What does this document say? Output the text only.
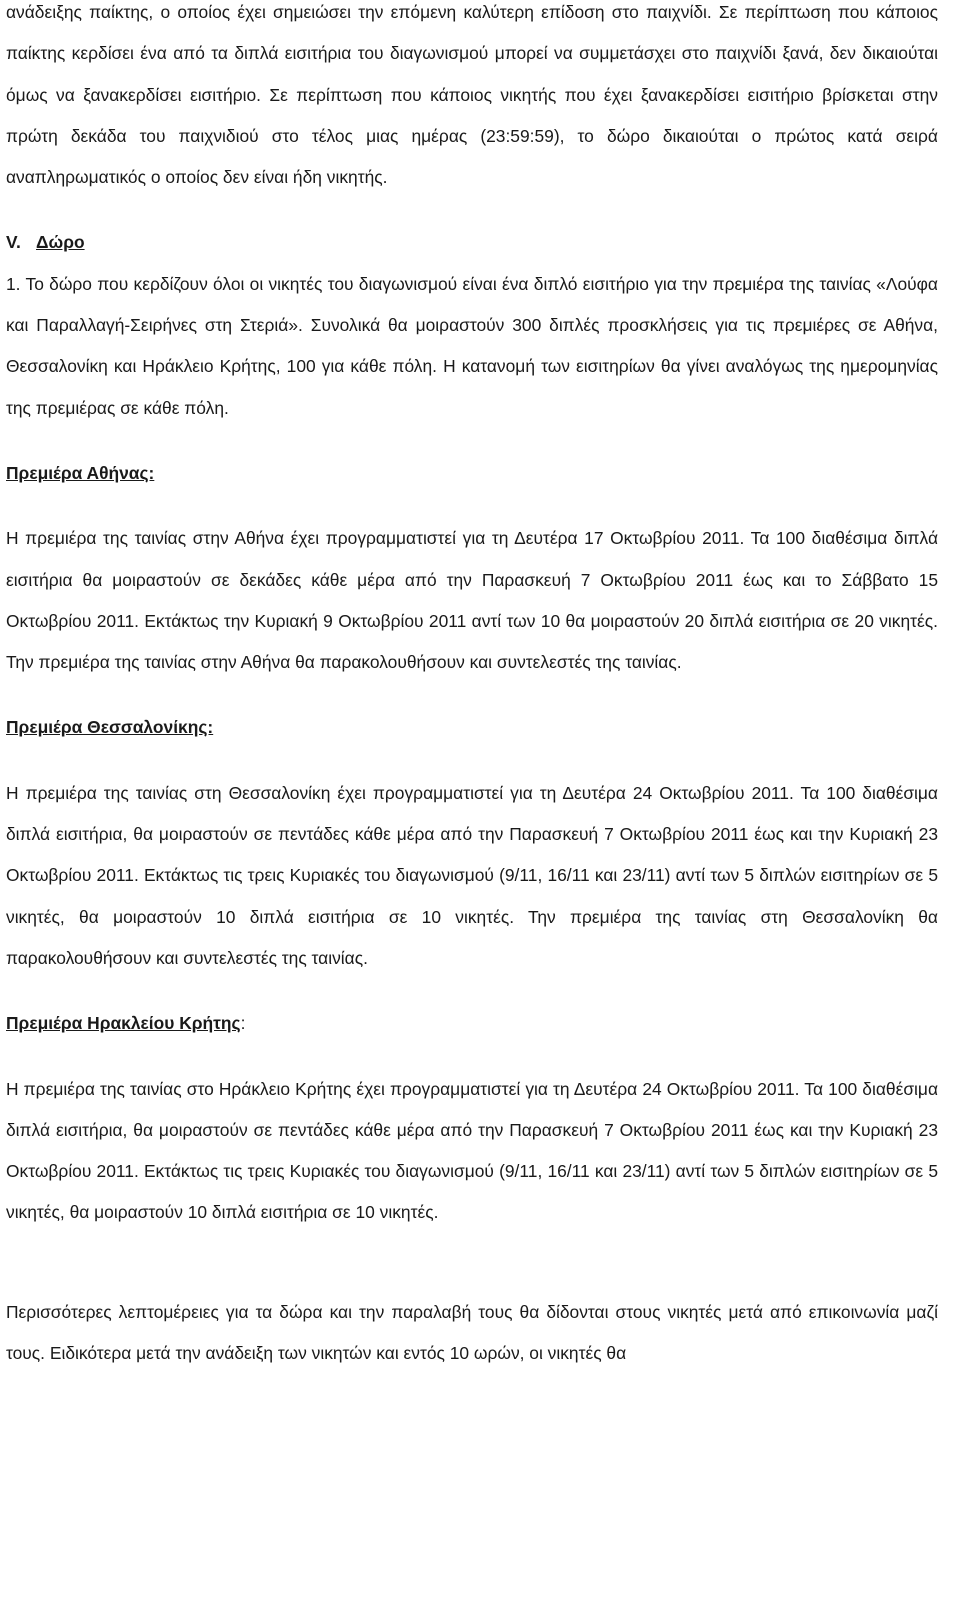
ανάδειξης παίκτης, ο οποίος έχει σημειώσει την επόμενη καλύτερη επίδοση στο παιχνίδι. Σε περίπτωση που κάποιος παίκτης κερδίσει ένα από τα διπλά εισιτήρια του διαγωνισμού μπορεί να συμμετάσχει στο παιχνίδι ξανά, δεν δικαιούται όμως να ξανακερδίσει εισιτήριο. Σε περίπτωση που κάποιος νικητής που έχει ξανακερδίσει εισιτήριο βρίσκεται στην πρώτη δεκάδα του παιχνιδιού στο τέλος μιας ημέρας (23:59:59), το δώρο δικαιούται ο πρώτος κατά σειρά αναπληρωματικός ο οποίος δεν είναι ήδη νικητής.

V. Δώρο

1. Το δώρο που κερδίζουν όλοι οι νικητές του διαγωνισμού είναι ένα διπλό εισιτήριο για την πρεμιέρα της ταινίας «Λούφα και Παραλλαγή-Σειρήνες στη Στεριά». Συνολικά θα μοιραστούν 300 διπλές προσκλήσεις για τις πρεμιέρες σε Αθήνα, Θεσσαλονίκη και Ηράκλειο Κρήτης, 100 για κάθε πόλη. Η κατανομή των εισιτηρίων θα γίνει αναλόγως της ημερομηνίας της πρεμιέρας σε κάθε πόλη.

Πρεμιέρα Αθήνας:

Η πρεμιέρα της ταινίας στην Αθήνα έχει προγραμματιστεί για τη Δευτέρα 17 Οκτωβρίου 2011. Τα 100 διαθέσιμα διπλά εισιτήρια θα μοιραστούν σε δεκάδες κάθε μέρα από την Παρασκευή 7 Οκτωβρίου 2011 έως και το Σάββατο 15 Οκτωβρίου 2011. Εκτάκτως την Κυριακή 9 Οκτωβρίου 2011 αντί των 10 θα μοιραστούν 20 διπλά εισιτήρια σε 20 νικητές. Την πρεμιέρα της ταινίας στην Αθήνα θα παρακολουθήσουν και συντελεστές της ταινίας.

Πρεμιέρα Θεσσαλονίκης:

Η πρεμιέρα της ταινίας στη Θεσσαλονίκη έχει προγραμματιστεί για τη Δευτέρα 24 Οκτωβρίου 2011. Τα 100 διαθέσιμα διπλά εισιτήρια, θα μοιραστούν σε πεντάδες κάθε μέρα από την Παρασκευή 7 Οκτωβρίου 2011 έως και την Κυριακή 23 Οκτωβρίου 2011. Εκτάκτως τις τρεις Κυριακές του διαγωνισμού (9/11, 16/11 και 23/11) αντί των 5 διπλών εισιτηρίων σε 5 νικητές, θα μοιραστούν 10 διπλά εισιτήρια σε 10 νικητές. Την πρεμιέρα της ταινίας στη Θεσσαλονίκη θα παρακολουθήσουν και συντελεστές της ταινίας.

Πρεμιέρα Ηρακλείου Κρήτης:

Η πρεμιέρα της ταινίας στο Ηράκλειο Κρήτης έχει προγραμματιστεί για τη Δευτέρα 24 Οκτωβρίου 2011. Τα 100 διαθέσιμα διπλά εισιτήρια, θα μοιραστούν σε πεντάδες κάθε μέρα από την Παρασκευή 7 Οκτωβρίου 2011 έως και την Κυριακή 23 Οκτωβρίου 2011. Εκτάκτως τις τρεις Κυριακές του διαγωνισμού (9/11, 16/11 και 23/11) αντί των 5 διπλών εισιτηρίων σε 5 νικητές, θα μοιραστούν 10 διπλά εισιτήρια σε 10 νικητές.

Περισσότερες λεπτομέρειες για τα δώρα και την παραλαβή τους θα δίδονται στους νικητές μετά από επικοινωνία μαζί τους. Ειδικότερα μετά την ανάδειξη των νικητών και εντός 10 ωρών, οι νικητές θα
